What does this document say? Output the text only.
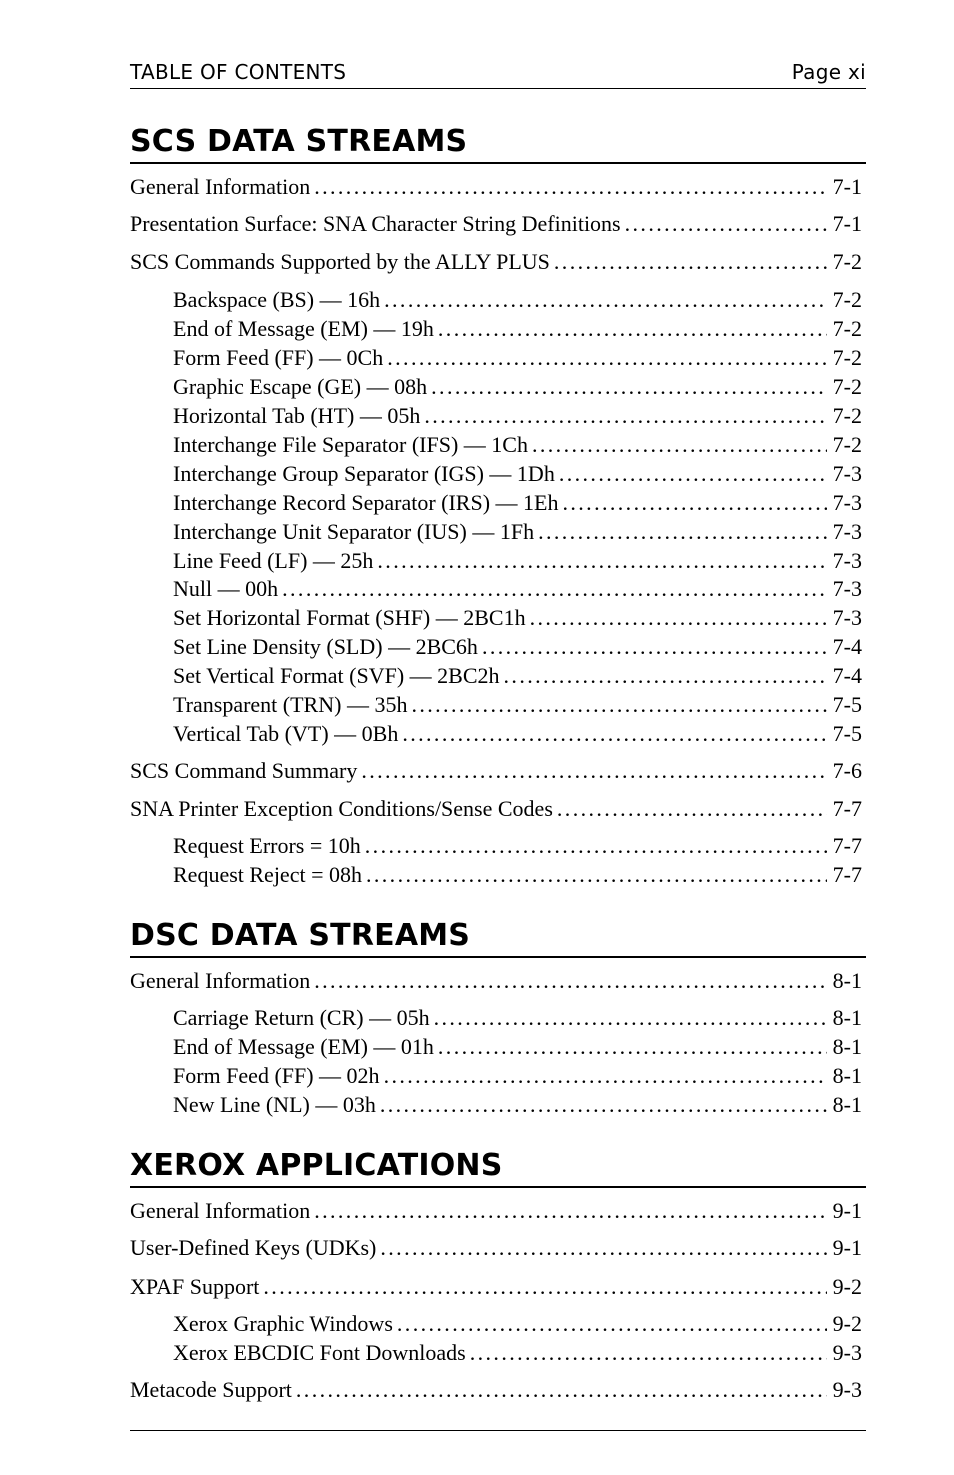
TABLE OF CONTENTS	Page xi
SCS DATA STREAMS
General Information . . .	7-1
Presentation Surface: SNA Character String Definitions . . .	7-1
SCS Commands Supported by the ALLY PLUS . . .	7-2
Backspace (BS) — 16h . . .	7-2
End of Message (EM) — 19h . . .	7-2
Form Feed (FF) — 0Ch . . .	7-2
Graphic Escape (GE) — 08h . . .	7-2
Horizontal Tab (HT) — 05h . . .	7-2
Interchange File Separator (IFS) — 1Ch . . .	7-2
Interchange Group Separator (IGS) — 1Dh . . .	7-3
Interchange Record Separator (IRS) — 1Eh . . .	7-3
Interchange Unit Separator (IUS) — 1Fh . . .	7-3
Line Feed (LF) — 25h . . .	7-3
Null — 00h . . .	7-3
Set Horizontal Format (SHF) — 2BC1h . . .	7-3
Set Line Density (SLD) — 2BC6h . . .	7-4
Set Vertical Format (SVF) — 2BC2h . . .	7-4
Transparent (TRN) — 35h . . .	7-5
Vertical Tab (VT) — 0Bh . . .	7-5
SCS Command Summary . . .	7-6
SNA Printer Exception Conditions/Sense Codes . . .	7-7
Request Errors = 10h . . .	7-7
Request Reject = 08h . . .	7-7
DSC DATA STREAMS
General Information . . .	8-1
Carriage Return (CR) — 05h . . .	8-1
End of Message (EM) — 01h . . .	8-1
Form Feed (FF) — 02h . . .	8-1
New Line (NL) — 03h . . .	8-1
XEROX APPLICATIONS
General Information . . .	9-1
User-Defined Keys (UDKs) . . .	9-1
XPAF Support . . .	9-2
Xerox Graphic Windows . . .	9-2
Xerox EBCDIC Font Downloads . . .	9-3
Metacode Support . . .	9-3
